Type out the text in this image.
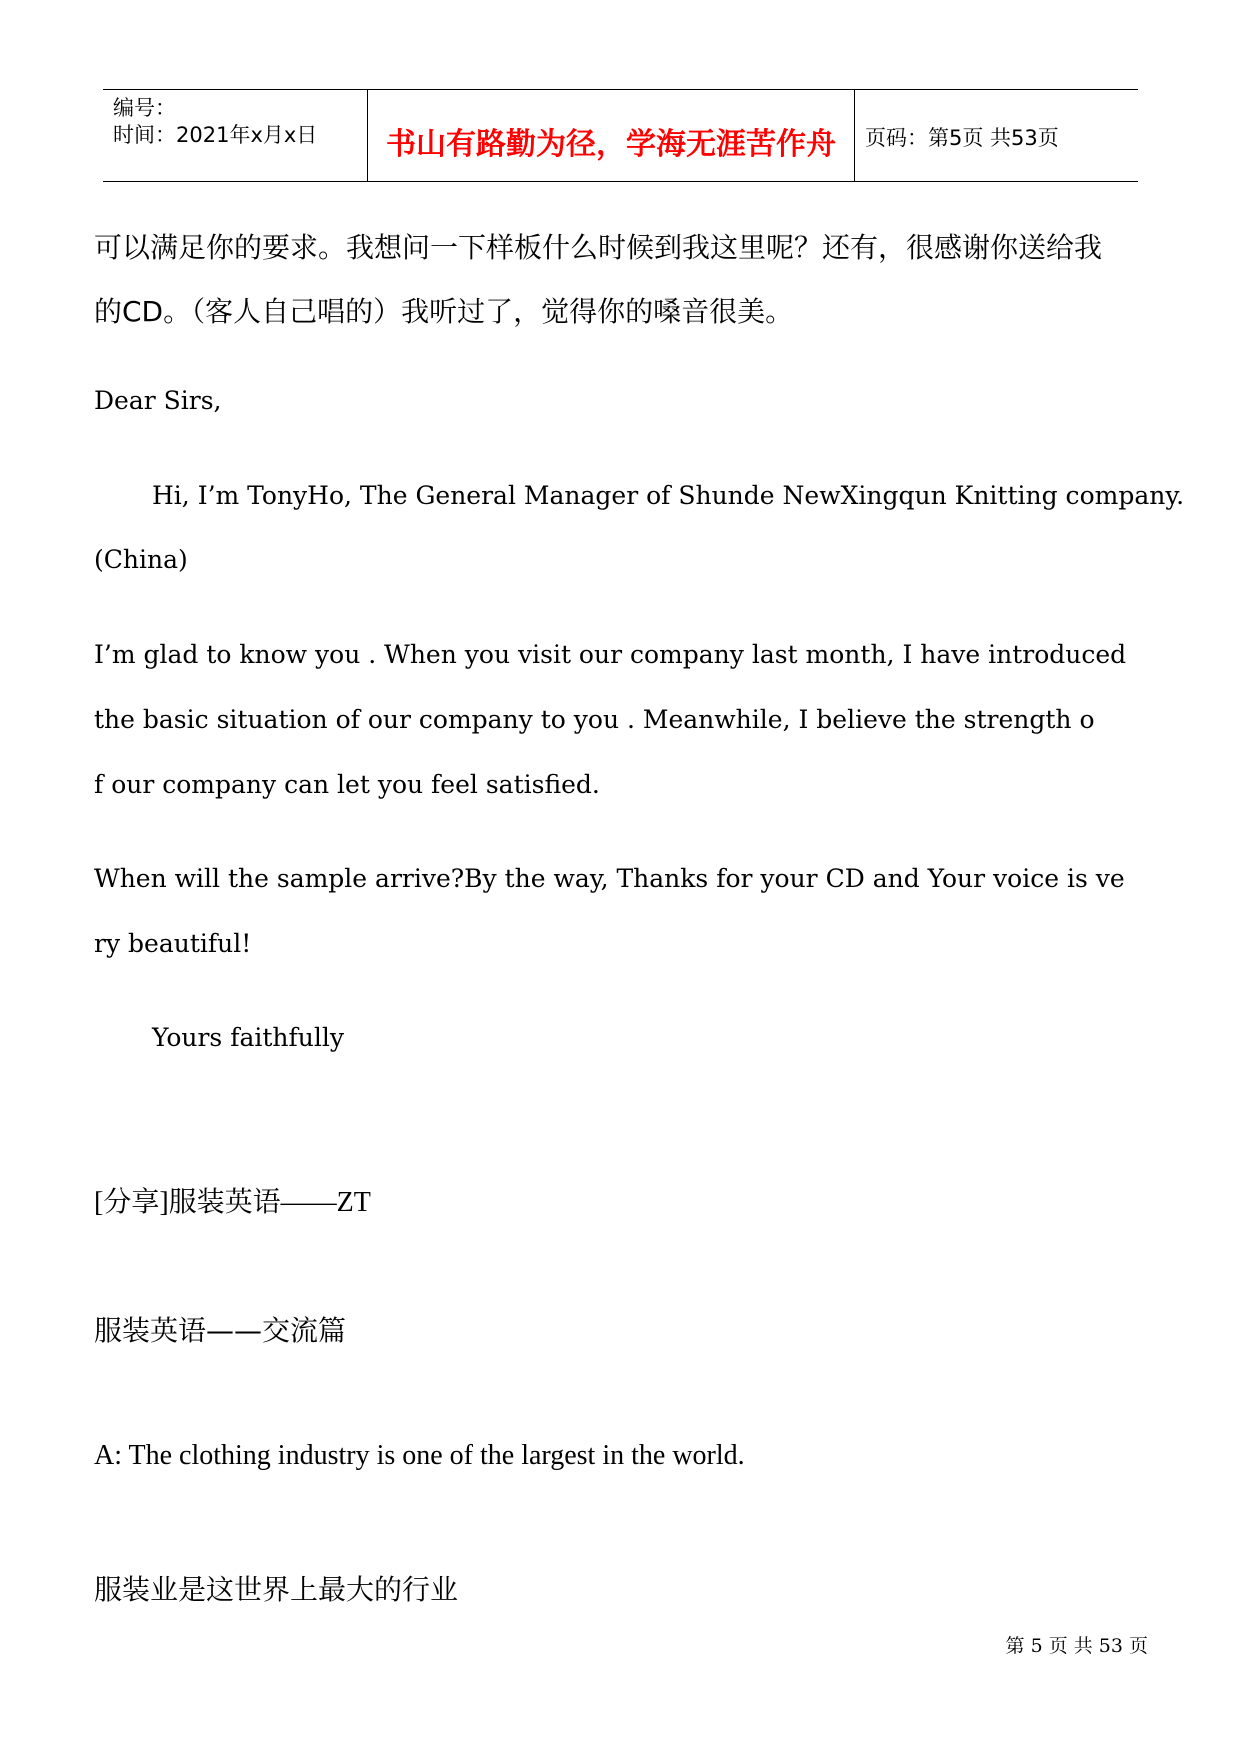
编号：
时间：2021年x月x日	书山有路勤为径，学海无涯苦作舟	页码：第5页 共53页
可以满足你的要求。我想问一下样板什么时候到我这里呢？还有，很感谢你送给我
的CD。（客人自己唱的）我听过了，觉得你的嗓音很美。
Dear Sirs,
Hi, I’m TonyHo, The General Manager of Shunde NewXingqun Knitting company.
(China)
I’m glad to know you . When you visit our company last month, I have introduced
the basic situation of our company to you . Meanwhile, I believe the strength o
f our company can let you feel satisfied.
When will the sample arrive?By the way, Thanks for your CD and Your voice is ve
ry beautiful!
Yours faithfully
[分享]服装英语——ZT
服装英语——交流篇
A: The clothing industry is one of the largest in the world.
服装业是这世界上最大的行业
第 5 页 共 53 页
